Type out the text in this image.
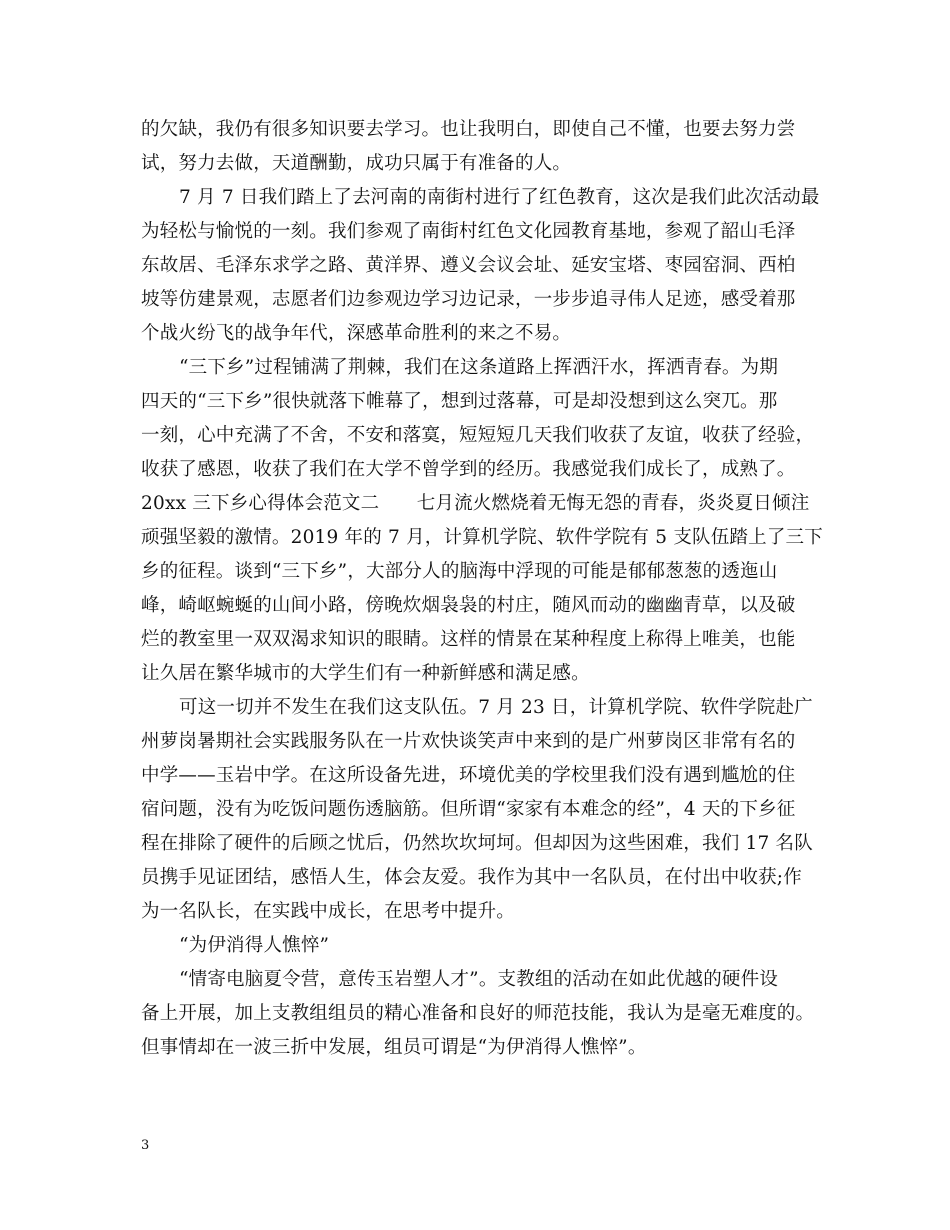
的欠缺，我仍有很多知识要去学习。也让我明白，即使自己不懂，也要去努力尝
试，努力去做，天道酬勤，成功只属于有准备的人。
7 月 7 日我们踏上了去河南的南街村进行了红色教育，这次是我们此次活动最
为轻松与愉悦的一刻。我们参观了南街村红色文化园教育基地，参观了韶山毛泽
东故居、毛泽东求学之路、黄洋界、遵义会议会址、延安宝塔、枣园窑洞、西柏
坡等仿建景观，志愿者们边参观边学习边记录，一步步追寻伟人足迹，感受着那
个战火纷飞的战争年代，深感革命胜利的来之不易。
“三下乡”过程铺满了荆棘，我们在这条道路上挥洒汗水，挥洒青春。为期
四天的“三下乡”很快就落下帷幕了，想到过落幕，可是却没想到这么突兀。那
一刻，心中充满了不舍，不安和落寞，短短短几天我们收获了友谊，收获了经验，
收获了感恩，收获了我们在大学不曾学到的经历。我感觉我们成长了，成熟了。
20xx 三下乡心得体会范文二　　七月流火燃烧着无悔无怨的青春，炎炎夏日倾注
顽强坚毅的激情。2019 年的 7 月，计算机学院、软件学院有 5 支队伍踏上了三下
乡的征程。谈到“三下乡”，大部分人的脑海中浮现的可能是郁郁葱葱的透迤山
峰，崎岖蜿蜒的山间小路，傍晚炊烟袅袅的村庄，随风而动的幽幽青草，以及破
烂的教室里一双双渴求知识的眼睛。这样的情景在某种程度上称得上唯美，也能
让久居在繁华城市的大学生们有一种新鲜感和满足感。
可这一切并不发生在我们这支队伍。7 月 23 日，计算机学院、软件学院赴广
州萝岗暑期社会实践服务队在一片欢快谈笑声中来到的是广州萝岗区非常有名的
中学——玉岩中学。在这所设备先进，环境优美的学校里我们没有遇到尴尬的住
宿问题，没有为吃饭问题伤透脑筋。但所谓“家家有本难念的经”，4 天的下乡征
程在排除了硬件的后顾之忧后，仍然坎坎坷坷。但却因为这些困难，我们 17 名队
员携手见证团结，感悟人生，体会友爱。我作为其中一名队员，在付出中收获;作
为一名队长，在实践中成长，在思考中提升。
“为伊消得人憔悴”
“情寄电脑夏令营，意传玉岩塑人才”。支教组的活动在如此优越的硬件设
备上开展，加上支教组组员的精心准备和良好的师范技能，我认为是毫无难度的。
但事情却在一波三折中发展，组员可谓是“为伊消得人憔悴”。
3
